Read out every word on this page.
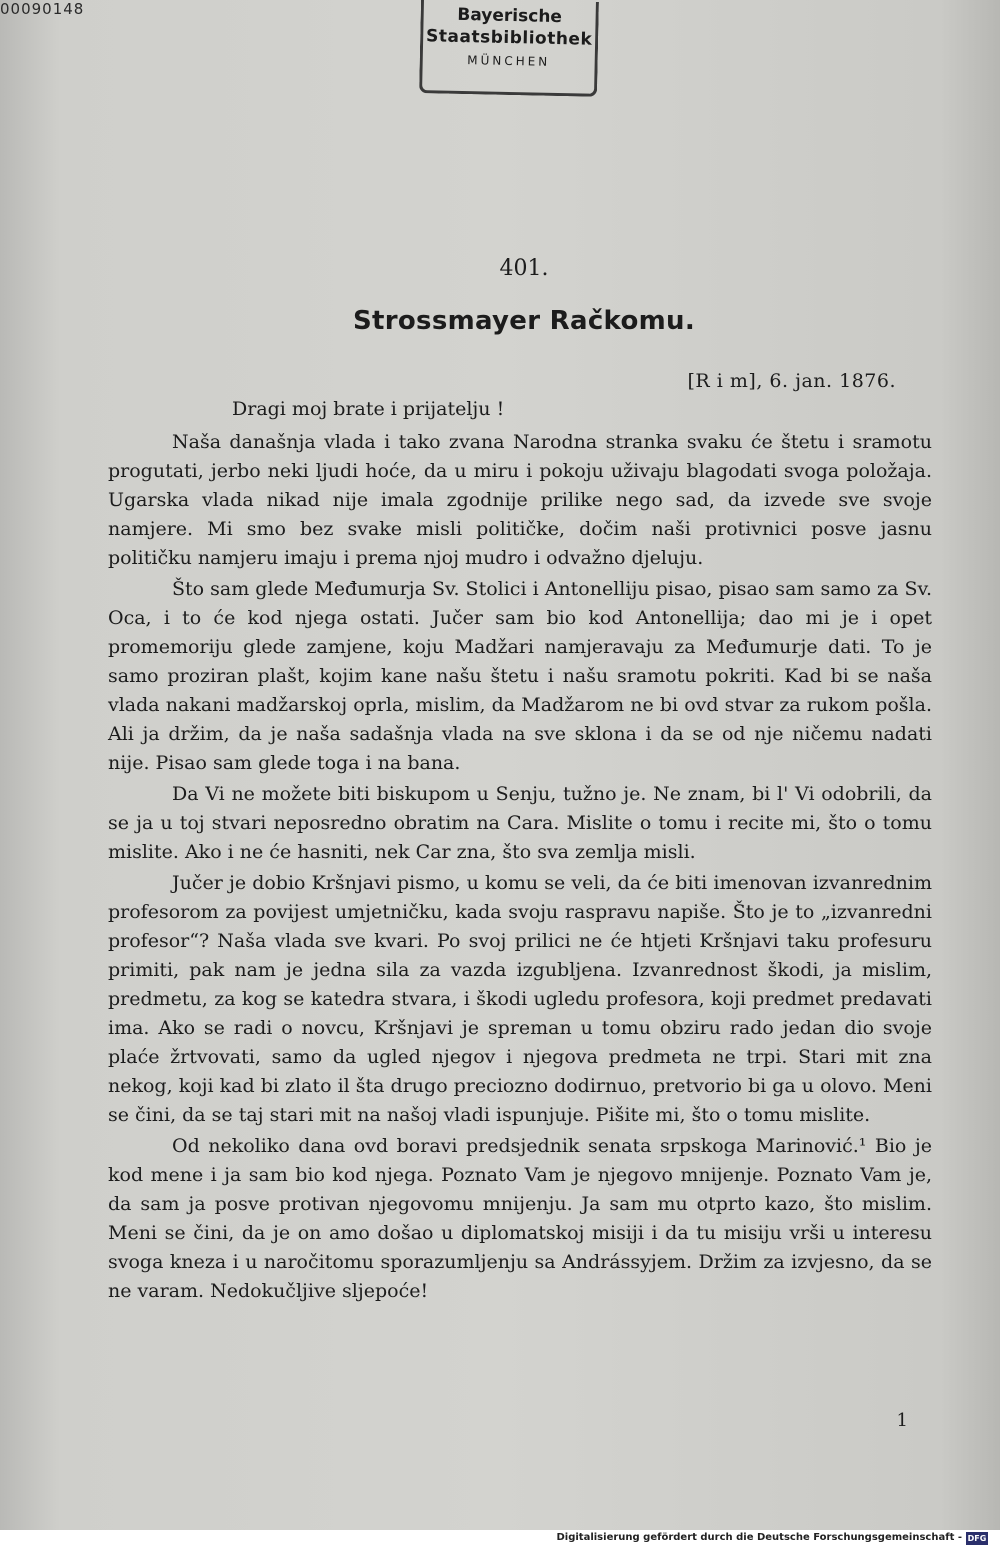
00090148	Bayerische
Staatsbibliothek
MÜNCHEN
401.
Strossmayer Račkomu.
[R i m], 6. jan. 1876.
Dragi moj brate i prijatelju !

Naša današnja vlada i tako zvana Narodna stranka svaku će štetu i sramotu progutati, jerbo neki ljudi hoće, da u miru i pokoju uživaju blagodati svoga položaja. Ugarska vlada nikad nije imala zgodnije prilike nego sad, da izvede sve svoje namjere. Mi smo bez svake misli političke, dočim naši protivnici posve jasnu političku namjeru imaju i prema njoj mudro i odvažno djeluju.

Što sam glede Međumurja Sv. Stolici i Antonelliju pisao, pisao sam samo za Sv. Oca, i to će kod njega ostati. Jučer sam bio kod Antonellija; dao mi je i opet promemoriju glede zamjene, koju Madžari namjeravaju za Međumurje dati. To je samo proziran plašt, kojim kane našu štetu i našu sramotu pokriti. Kad bi se naša vlada nakani madžarskoj oprla, mislim, da Madžarom ne bi ovd stvar za rukom pošla. Ali ja držim, da je naša sadašnja vlada na sve sklona i da se od nje ničemu nadati nije. Pisao sam glede toga i na bana.

Da Vi ne možete biti biskupom u Senju, tužno je. Ne znam, bi l' Vi odobrili, da se ja u toj stvari neposredno obratim na Cara. Mislite o tomu i recite mi, što o tomu mislite. Ako i ne će hasniti, nek Car zna, što sva zemlja misli.

Jučer je dobio Kršnjavi pismo, u komu se veli, da će biti imenovan izvanrednim profesorom za povijest umjetničku, kada svoju raspravu napiše. Što je to „izvanredni profesor“? Naša vlada sve kvari. Po svoj prilici ne će htjeti Kršnjavi taku profesuru primiti, pak nam je jedna sila za vazda izgubljena. Izvanrednost škodi, ja mislim, predmetu, za kog se katedra stvara, i škodi ugledu profesora, koji predmet predavati ima. Ako se radi o novcu, Kršnjavi je spreman u tomu obziru rado jedan dio svoje plaće žrtvovati, samo da ugled njegov i njegova predmeta ne trpi. Stari mit zna nekog, koji kad bi zlato il šta drugo preciozno dodirnuo, pretvorio bi ga u olovo. Meni se čini, da se taj stari mit na našoj vladi ispunjuje. Pišite mi, što o tomu mislite.

Od nekoliko dana ovd boravi predsjednik senata srpskoga Marinović.¹ Bio je kod mene i ja sam bio kod njega. Poznato Vam je njegovo mnijenje. Poznato Vam je, da sam ja posve protivan njegovomu mnijenju. Ja sam mu otprto kazo, što mislim. Meni se čini, da je on amo došao u diplomatskoj misiji i da tu misiju vrši u interesu svoga kneza i u naročitomu sporazumljenju sa Andrássyjem. Držim za izvjesno, da se ne varam. Nedokučljive sljepoće!

1
Digitalisierung gefördert durch die Deutsche Forschungsgemeinschaft - DFG
